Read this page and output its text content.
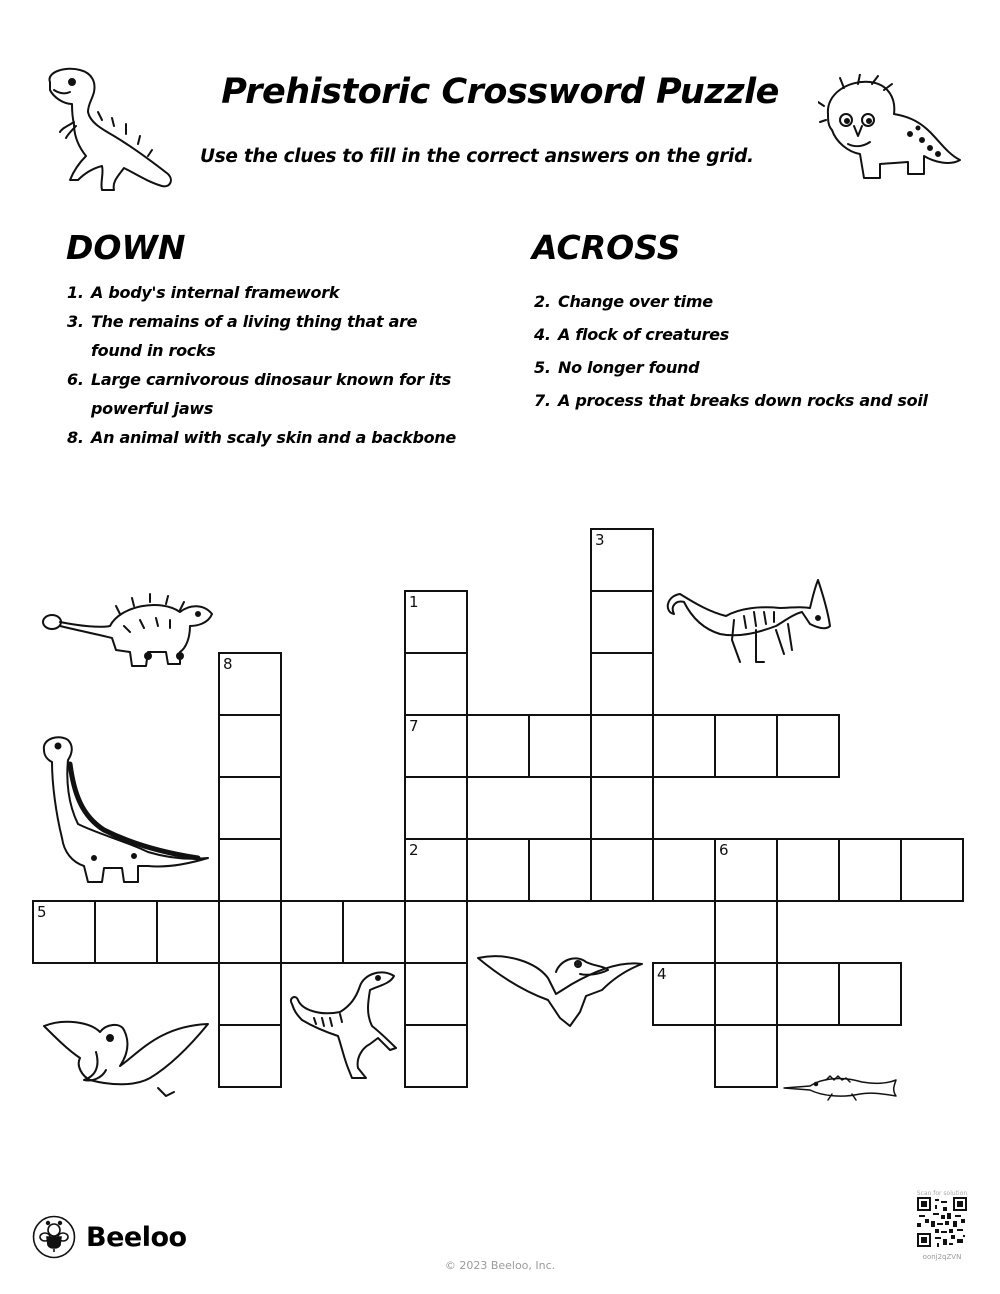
Prehistoric Crossword Puzzle
Use the clues to fill in the correct answers on the grid.
DOWN	ACROSS
1. A body's internal framework
3. The remains of a living thing that are found in rocks
6. Large carnivorous dinosaur known for its powerful jaws
8. An animal with scaly skin and a backbone
2. Change over time
4. A flock of creatures
5. No longer found
7. A process that breaks down rocks and soil
1
7
2
3
6
8
4
5
Beeloo
Scan for solution
oonj2qZVN
© 2023 Beeloo, Inc.
